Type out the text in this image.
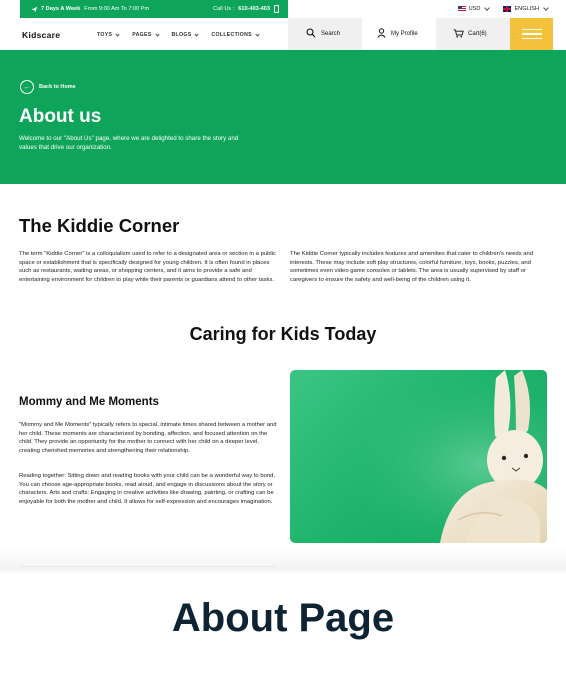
7 Days A Week From 9:00 Am To 7:00 Pm	Call Us : 610-403-403	USD	ENGLISH
Kidscare	TOYS	PAGES	BLOGS	COLLECTIONS	Search	My Profile	Cart(6)
←	Back to Home
About us

Welcome to our "About Us" page, where we are delighted to share the story and values that drive our organization.

The Kiddie Corner

The term "Kiddie Corner" is a colloquialism used to refer to a designated area or section in a public space or establishment that is specifically designed for young children. It is often found in places such as restaurants, waiting areas, or shopping centers, and it aims to provide a safe and entertaining environment for children to play while their parents or guardians attend to other tasks.

The Kiddie Corner typically includes features and amenities that cater to children's needs and interests. These may include soft play structures, colorful furniture, toys, books, puzzles, and sometimes even video game consoles or tablets. The area is usually supervised by staff or caregivers to ensure the safety and well-being of the children using it.

Caring for Kids Today
Mommy and Me Moments

"Mommy and Me Moments" typically refers to special, intimate times shared between a mother and her child. These moments are characterized by bonding, affection, and focused attention on the child. They provide an opportunity for the mother to connect with her child on a deeper level, creating cherished memories and strengthening their relationship.

Reading together: Sitting down and reading books with your child can be a wonderful way to bond. You can choose age-appropriate books, read aloud, and engage in discussions about the story or characters. Arts and crafts: Engaging in creative activities like drawing, painting, or crafting can be enjoyable for both the mother and child. It allows for self-expression and encourages imagination.

About Page
